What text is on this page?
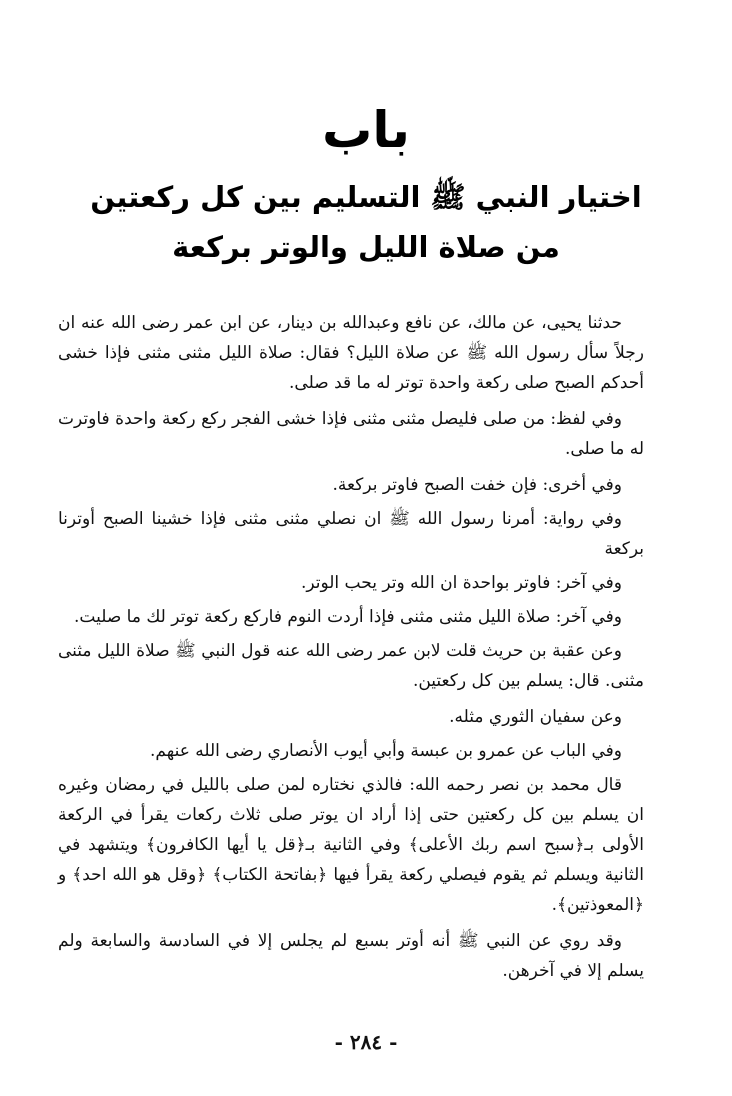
باب
اختيار النبي ﷺ التسليم بين كل ركعتين
من صلاة الليل والوتر بركعة

حدثنا يحيى، عن مالك، عن نافع وعبدالله بن دينار، عن ابن عمر رضى الله عنه ان رجلاً سأل رسول الله ﷺ عن صلاة الليل؟ فقال: صلاة الليل مثنى مثنى فإذا خشى أحدكم الصبح صلى ركعة واحدة توتر له ما قد صلى.

وفي لفظ: من صلى فليصل مثنى مثنى فإذا خشى الفجر ركع ركعة واحدة فاوترت له ما صلى.

وفي أخرى: فإن خفت الصبح فاوتر بركعة.

وفي رواية: أمرنا رسول الله ﷺ ان نصلي مثنى مثنى فإذا خشينا الصبح أوترنا بركعة

وفي آخر: فاوتر بواحدة ان الله وتر يحب الوتر.

وفي آخر: صلاة الليل مثنى مثنى فإذا أردت النوم فاركع ركعة توتر لك ما صليت.

وعن عقبة بن حريث قلت لابن عمر رضى الله عنه قول النبي ﷺ صلاة الليل مثنى مثنى. قال: يسلم بين كل ركعتين.

وعن سفيان الثوري مثله.

وفي الباب عن عمرو بن عبسة وأبي أيوب الأنصاري رضى الله عنهم.

قال محمد بن نصر رحمه الله: فالذي نختاره لمن صلى بالليل في رمضان وغيره ان يسلم بين كل ركعتين حتى إذا أراد ان يوتر صلى ثلاث ركعات يقرأ في الركعة الأولى بـ﴿سبح اسم ربك الأعلى﴾ وفي الثانية بـ﴿قل يا أيها الكافرون﴾ ويتشهد في الثانية ويسلم ثم يقوم فيصلي ركعة يقرأ فيها ﴿بفاتحة الكتاب﴾ ﴿وقل هو الله احد﴾ و ﴿المعوذتين﴾.

وقد روي عن النبي ﷺ أنه أوتر بسبع لم يجلس إلا في السادسة والسابعة ولم يسلم إلا في آخرهن.

- ٢٨٤ -
